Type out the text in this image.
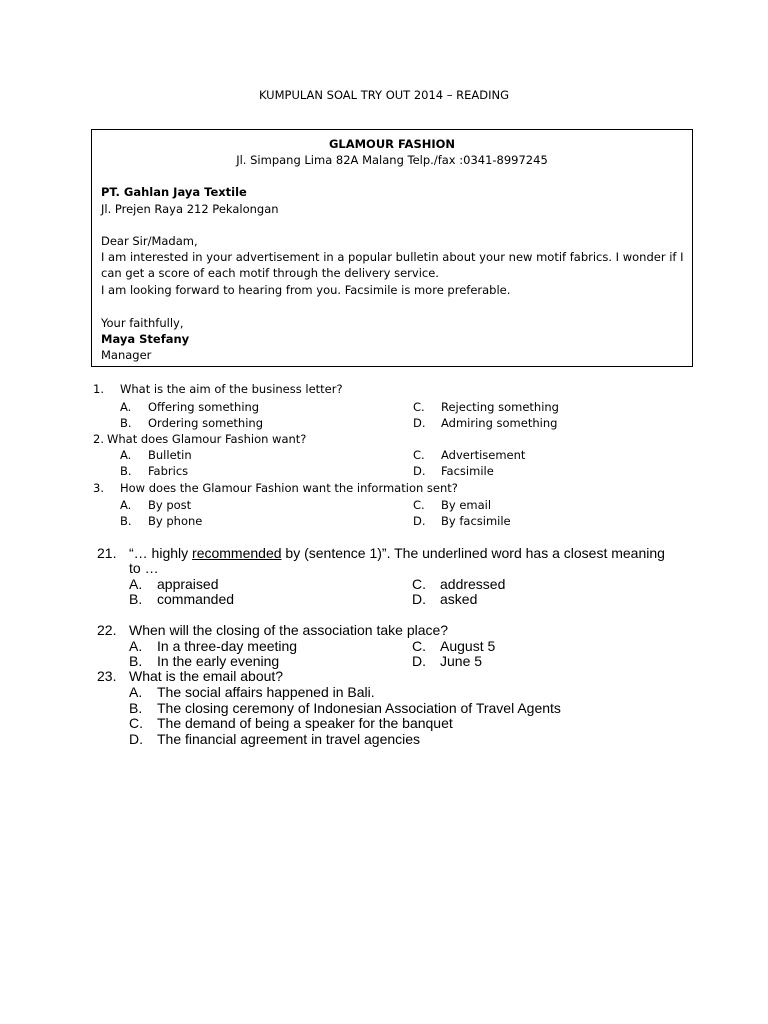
KUMPULAN SOAL TRY OUT 2014 – READING
GLAMOUR FASHION
Jl. Simpang Lima 82A Malang Telp./fax :0341-8997245
PT. Gahlan Jaya Textile
Jl. Prejen Raya 212 Pekalongan
Dear Sir/Madam,
I am interested in your advertisement in a popular bulletin about your new motif fabrics. I wonder if I
can get a score of each motif through the delivery service.
I am looking forward to hearing from you. Facsimile is more preferable.
Your faithfully,
Maya Stefany
Manager
1. What is the aim of the business letter?
A. Offering something
B. Ordering something
C. Rejecting something
D. Admiring something
2. What does Glamour Fashion want?
A. Bulletin
B. Fabrics
C. Advertisement
D. Facsimile
3. How does the Glamour Fashion want the information sent?
A. By post
B. By phone
C. By email
D. By facsimile
21. “… highly recommended by (sentence 1)”. The underlined word has a closest meaning
to …
A. appraised
B. commanded
C. addressed
D. asked
22. When will the closing of the association take place?
A. In a three-day meeting
B. In the early evening
C. August 5
D. June 5
23. What is the email about?
A. The social affairs happened in Bali.
B. The closing ceremony of Indonesian Association of Travel Agents
C. The demand of being a speaker for the banquet
D. The financial agreement in travel agencies
